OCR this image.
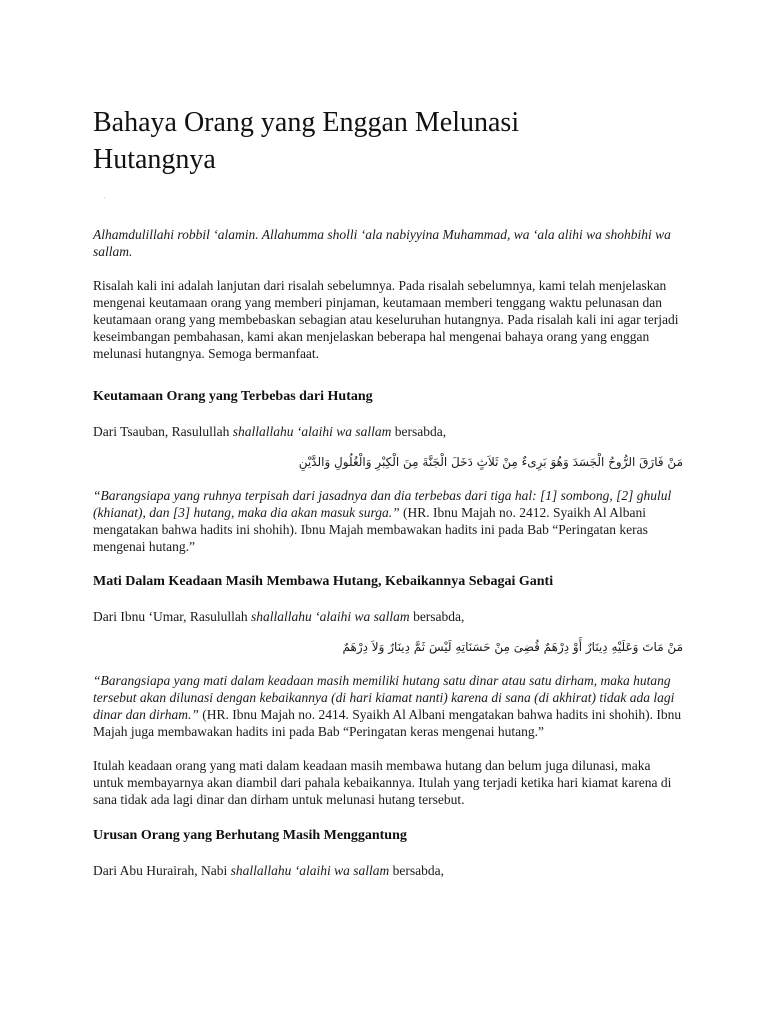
Bahaya Orang yang Enggan Melunasi
Hutangnya
·

Alhamdulillahi robbil ‘alamin. Allahumma sholli ‘ala nabiyyina Muhammad, wa ‘ala alihi wa shohbihi wa sallam.

Risalah kali ini adalah lanjutan dari risalah sebelumnya. Pada risalah sebelumnya, kami telah menjelaskan mengenai keutamaan orang yang memberi pinjaman, keutamaan memberi tenggang waktu pelunasan dan keutamaan orang yang membebaskan sebagian atau keseluruhan hutangnya. Pada risalah kali ini agar terjadi keseimbangan pembahasan, kami akan menjelaskan beberapa hal mengenai bahaya orang yang enggan melunasi hutangnya. Semoga bermanfaat.

Keutamaan Orang yang Terbebas dari Hutang

Dari Tsauban, Rasulullah shallallahu ‘alaihi wa sallam bersabda,

مَنْ فَارَقَ الرُّوحُ الْجَسَدَ وَهُوَ بَرِىءٌ مِنْ ثَلاَثٍ دَخَلَ الْجَنَّةَ مِنَ الْكِبْرِ وَالْغُلُولِ وَالدَّيْنِ

“Barangsiapa yang ruhnya terpisah dari jasadnya dan dia terbebas dari tiga hal: [1] sombong, [2] ghulul (khianat), dan [3] hutang, maka dia akan masuk surga.” (HR. Ibnu Majah no. 2412. Syaikh Al Albani mengatakan bahwa hadits ini shohih). Ibnu Majah membawakan hadits ini pada Bab “Peringatan keras mengenai hutang.”

Mati Dalam Keadaan Masih Membawa Hutang, Kebaikannya Sebagai Ganti

Dari Ibnu ‘Umar, Rasulullah shallallahu ‘alaihi wa sallam bersabda,

مَنْ مَاتَ وَعَلَيْهِ دِينَارٌ أَوْ دِرْهَمٌ قُضِىَ مِنْ حَسَنَاتِهِ لَيْسَ ثَمَّ دِينَارٌ وَلاَ دِرْهَمٌ

“Barangsiapa yang mati dalam keadaan masih memiliki hutang satu dinar atau satu dirham, maka hutang tersebut akan dilunasi dengan kebaikannya (di hari kiamat nanti) karena di sana (di akhirat) tidak ada lagi dinar dan dirham.” (HR. Ibnu Majah no. 2414. Syaikh Al Albani mengatakan bahwa hadits ini shohih). Ibnu Majah juga membawakan hadits ini pada Bab “Peringatan keras mengenai hutang.”

Itulah keadaan orang yang mati dalam keadaan masih membawa hutang dan belum juga dilunasi, maka untuk membayarnya akan diambil dari pahala kebaikannya. Itulah yang terjadi ketika hari kiamat karena di sana tidak ada lagi dinar dan dirham untuk melunasi hutang tersebut.

Urusan Orang yang Berhutang Masih Menggantung

Dari Abu Hurairah, Nabi shallallahu ‘alaihi wa sallam bersabda,
